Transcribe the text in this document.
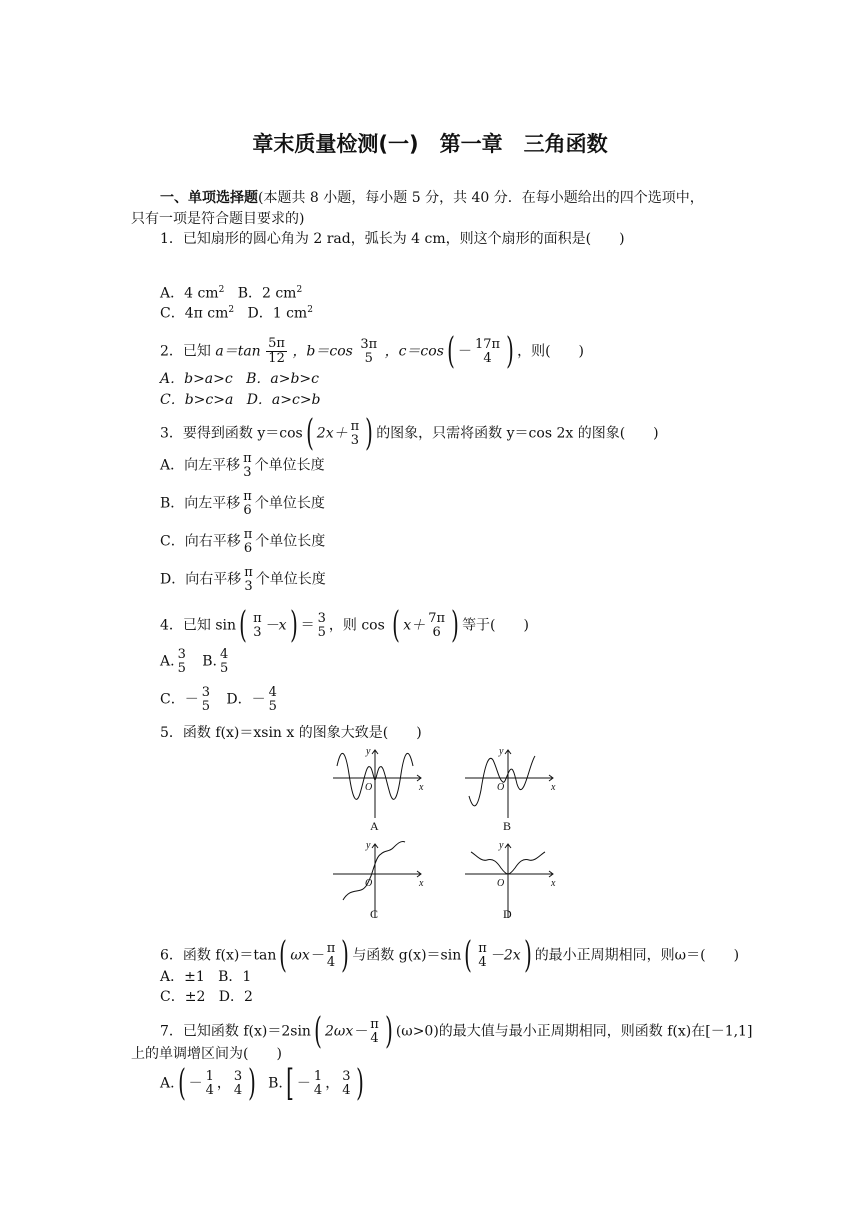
章末质量检测(一)　第一章　三角函数
一、单项选择题(本题共 8 小题，每小题 5 分，共 40 分．在每小题给出的四个选项中，
只有一项是符合题目要求的)
1．已知扇形的圆心角为 2 rad，弧长为 4 cm，则这个扇形的面积是(　　)
A．4 $cm^2$ B．2 $cm^2$
C．4π $cm^2$ D．1 $cm^2$
2．已知 $a=\tan \frac{5\pi}{12}$ ，b＝cos 3π
5 ，c＝cos( － 17π
4 ) ，则(　　)
A．b>a>c B．a>b>c
C．b>c>a D．a>c>b
3．要得到函数 y＝cos( 2x＋ π
3 ) 的图象，只需将函数 y＝cos 2x 的图象(　　)
A．向左平移 π
3 个单位长度
B．向左平移 π
6 个单位长度
C．向右平移 π
6 个单位长度
D．向右平移 π
3 个单位长度
4．已知 sin( π
3 －x) ＝ 3
5 ，则 cos ( x＋ 7π
6 ) 等于(　　)
A. 3
5 B. 4
5
C．－ 3
5 D．－ 4
5
5．函数 f(x)＝xsin x 的图象大致是(　　)
y
x
O
y
x
O
y
x
O
y
x
O
A	B
C	D
6．函数 f(x)＝tan( ωx－ π
4 ) 与函数 g(x)＝sin( π
4 －2x) 的最小正周期相同，则ω＝(　　)
A．±1 B．1
C．±2 D．2
7．已知函数 f(x)＝2sin( 2ωx－ π
4 ) (ω>0)的最大值与最小正周期相同，则函数 f(x)在[－1,1]
上的单调增区间为(　　)
A.( － 1
4 ， 3
4 ) B.[ － 1
4 ， 3
4 )
